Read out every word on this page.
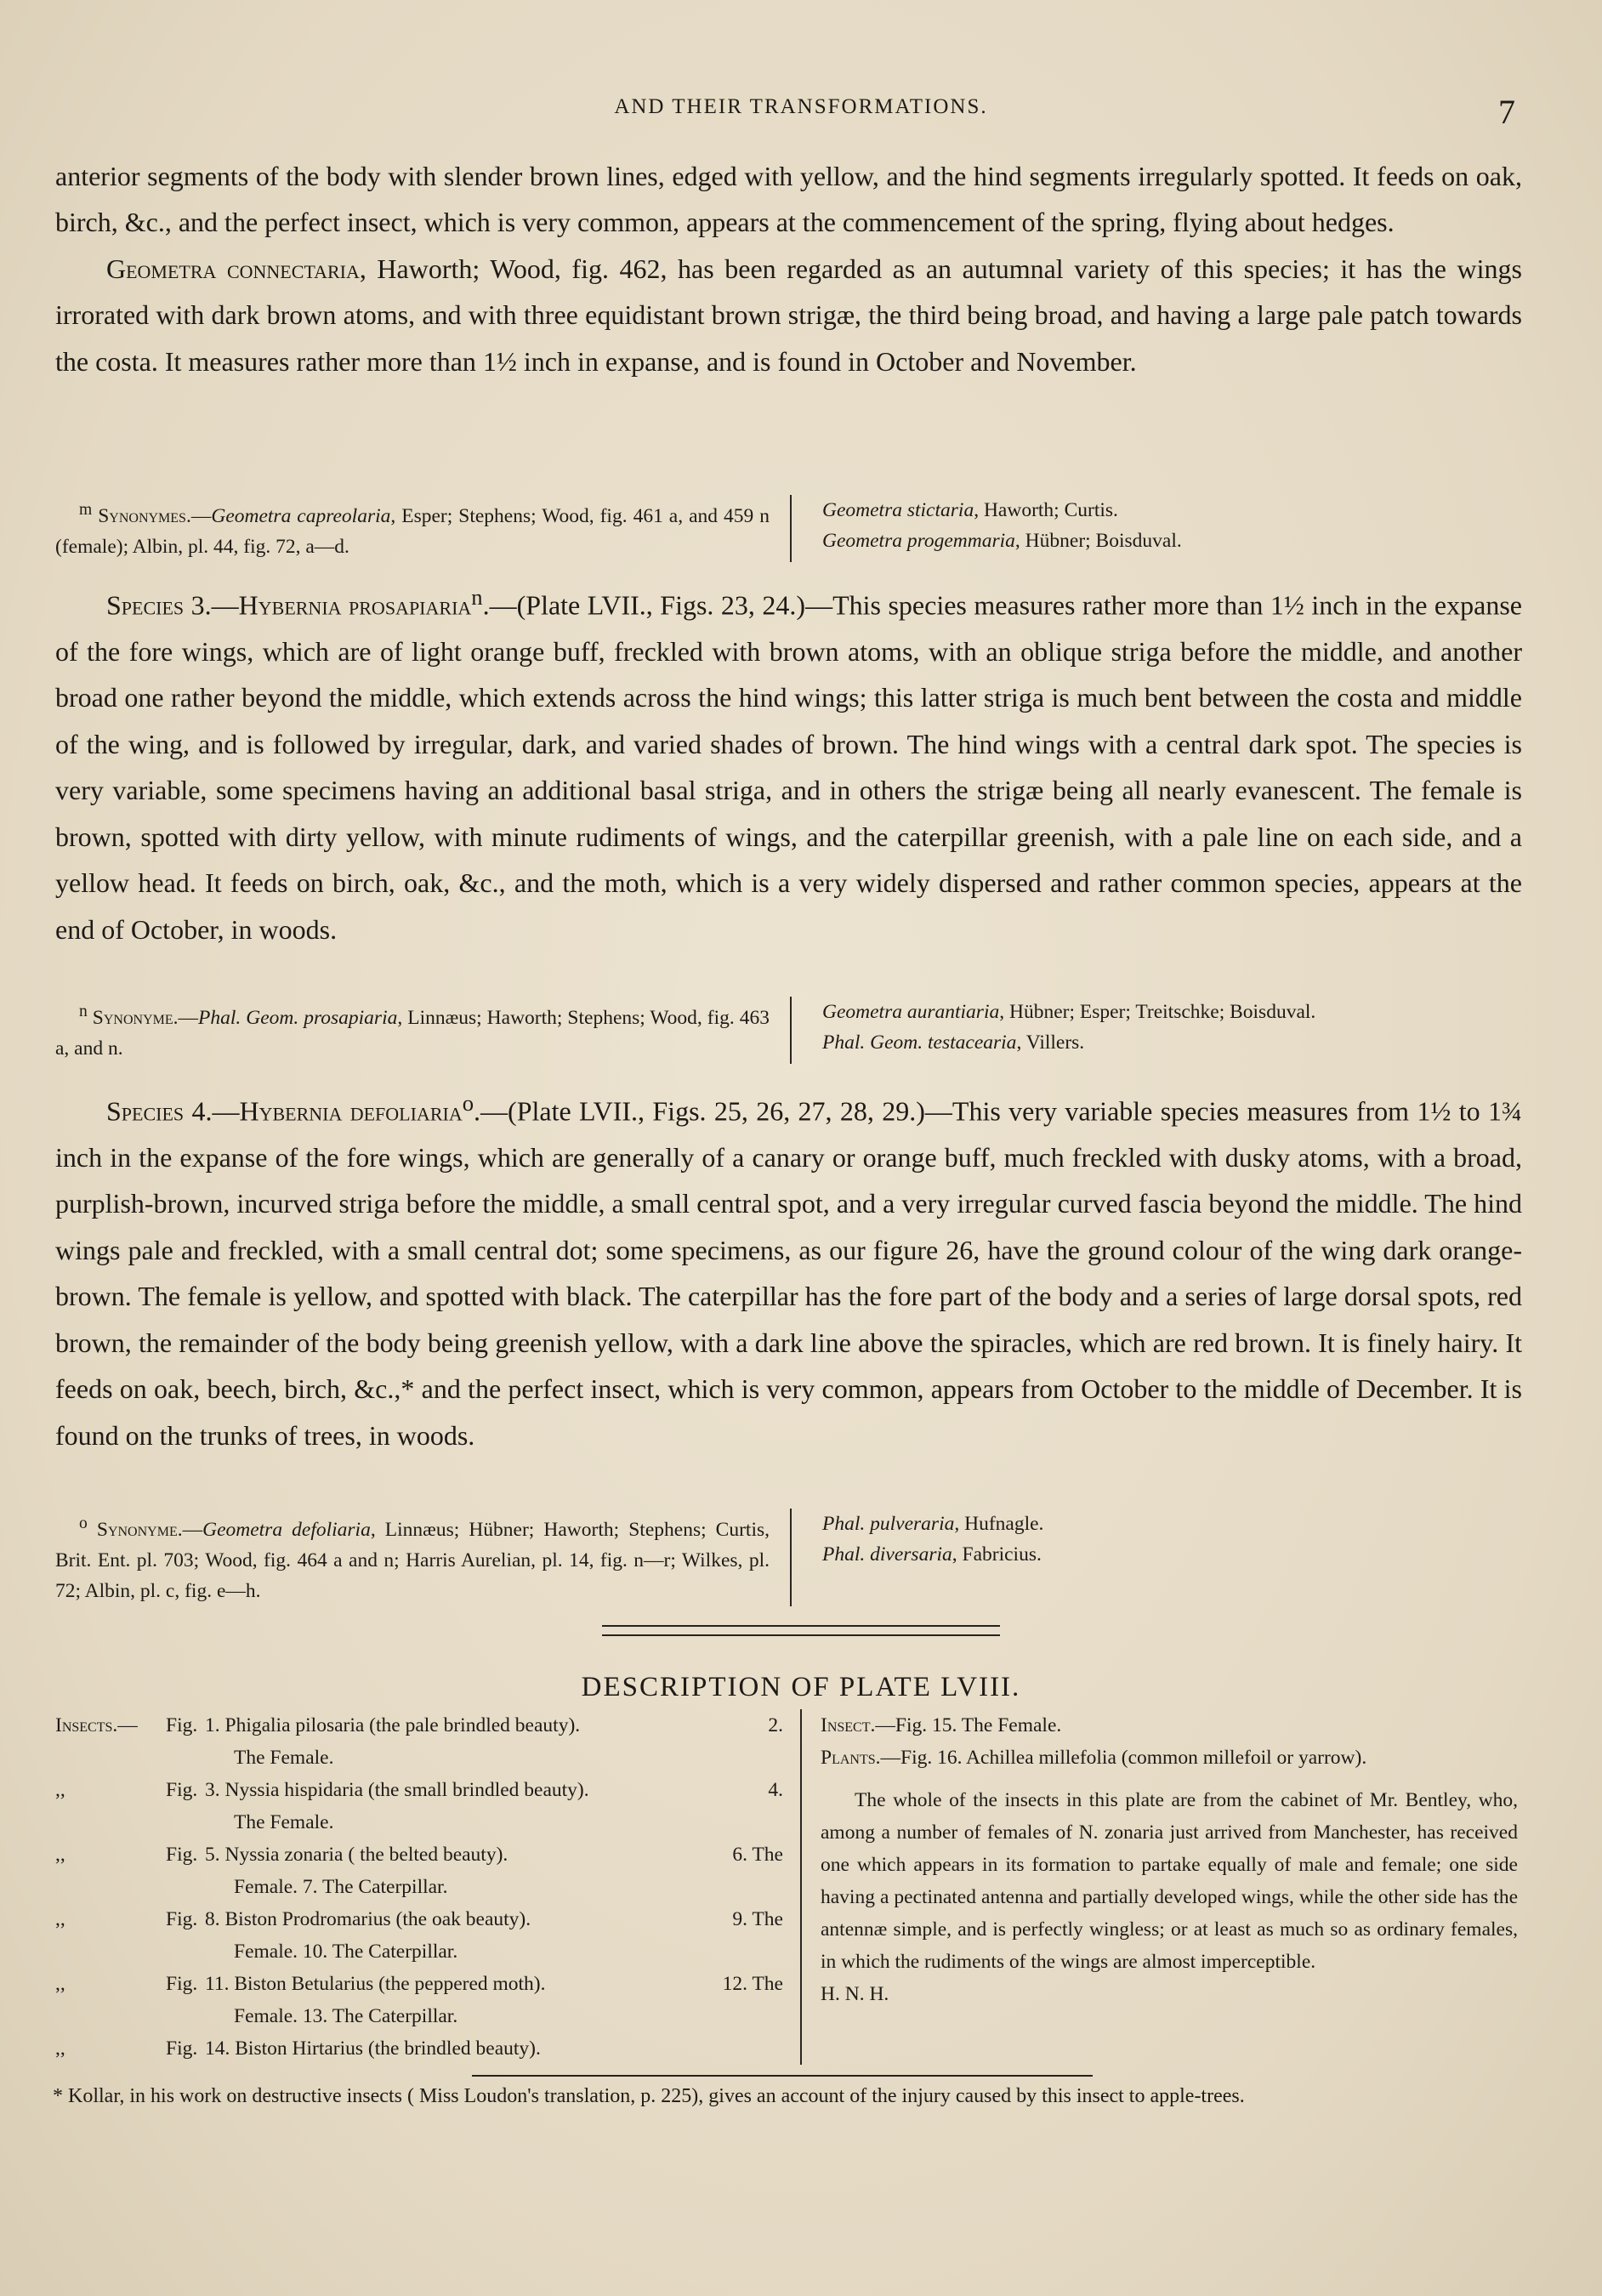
AND THEIR TRANSFORMATIONS.	7

anterior segments of the body with slender brown lines, edged with yellow, and the hind segments irregularly spotted. It feeds on oak, birch, &c., and the perfect insect, which is very common, appears at the commencement of the spring, flying about hedges.

Geometra connectaria, Haworth; Wood, fig. 462, has been regarded as an autumnal variety of this species; it has the wings irrorated with dark brown atoms, and with three equidistant brown strigæ, the third being broad, and having a large pale patch towards the costa. It measures rather more than 1½ inch in expanse, and is found in October and November.

$^m$ Synonymes.—Geometra capreolaria, Esper; Stephens; Wood, fig. 461 a, and 459 n (female); Albin, pl. 44, fig. 72, a—d.
Geometra stictaria, Haworth; Curtis.
Geometra progemmaria, Hübner; Boisduval.

Species 3.—Hybernia prosapiaria$^n$.—(Plate LVII., Figs. 23, 24.)—This species measures rather more than 1½ inch in the expanse of the fore wings, which are of light orange buff, freckled with brown atoms, with an oblique striga before the middle, and another broad one rather beyond the middle, which extends across the hind wings; this latter striga is much bent between the costa and middle of the wing, and is followed by irregular, dark, and varied shades of brown. The hind wings with a central dark spot. The species is very variable, some specimens having an additional basal striga, and in others the strigæ being all nearly evanescent. The female is brown, spotted with dirty yellow, with minute rudiments of wings, and the caterpillar greenish, with a pale line on each side, and a yellow head. It feeds on birch, oak, &c., and the moth, which is a very widely dispersed and rather common species, appears at the end of October, in woods.

$^n$ Synonyme.—Phal. Geom. prosapiaria, Linnæus; Haworth; Stephens; Wood, fig. 463 a, and n.
Geometra aurantiaria, Hübner; Esper; Treitschke; Boisduval.
Phal. Geom. testacearia, Villers.

Species 4.—Hybernia defoliaria$^o$.—(Plate LVII., Figs. 25, 26, 27, 28, 29.)—This very variable species measures from 1½ to 1¾ inch in the expanse of the fore wings, which are generally of a canary or orange buff, much freckled with dusky atoms, with a broad, purplish-brown, incurved striga before the middle, a small central spot, and a very irregular curved fascia beyond the middle. The hind wings pale and freckled, with a small central dot; some specimens, as our figure 26, have the ground colour of the wing dark orange-brown. The female is yellow, and spotted with black. The caterpillar has the fore part of the body and a series of large dorsal spots, red brown, the remainder of the body being greenish yellow, with a dark line above the spiracles, which are red brown. It is finely hairy. It feeds on oak, beech, birch, &c.,* and the perfect insect, which is very common, appears from October to the middle of December. It is found on the trunks of trees, in woods.

$^o$ Synonyme.—Geometra defoliaria, Linnæus; Hübner; Haworth; Stephens; Curtis, Brit. Ent. pl. 703; Wood, fig. 464 a and n; Harris Aurelian, pl. 14, fig. n—r; Wilkes, pl. 72; Albin, pl. c, fig. e—h.
Phal. pulveraria, Hufnagle.
Phal. diversaria, Fabricius.
DESCRIPTION OF PLATE LVIII.
Insects.— Fig. 1. Phigalia pilosaria (the pale brindled beauty).	2.
The Female.
,,	Fig. 3. Nyssia hispidaria (the small brindled beauty).	4.
The Female.
,,	Fig. 5. Nyssia zonaria ( the belted beauty).	6. The
Female. 7. The Caterpillar.
,,	Fig. 8. Biston Prodromarius (the oak beauty).	9. The
Female. 10. The Caterpillar.
,,	Fig. 11. Biston Betularius (the peppered moth).	12. The
Female. 13. The Caterpillar.
,,	Fig. 14. Biston Hirtarius (the brindled beauty).
Insect.—Fig. 15. The Female.
Plants.—Fig. 16. Achillea millefolia (common millefoil or yarrow).
The whole of the insects in this plate are from the cabinet of Mr. Bentley, who, among a number of females of N. zonaria just arrived from Manchester, has received one which appears in its formation to partake equally of male and female; one side having a pectinated antenna and partially developed wings, while the other side has the antennæ simple, and is perfectly wingless; or at least as much so as ordinary females, in which the rudiments of the wings are almost imperceptible.
H. N. H.
* Kollar, in his work on destructive insects ( Miss Loudon's translation, p. 225), gives an account of the injury caused by this insect to apple-trees.
